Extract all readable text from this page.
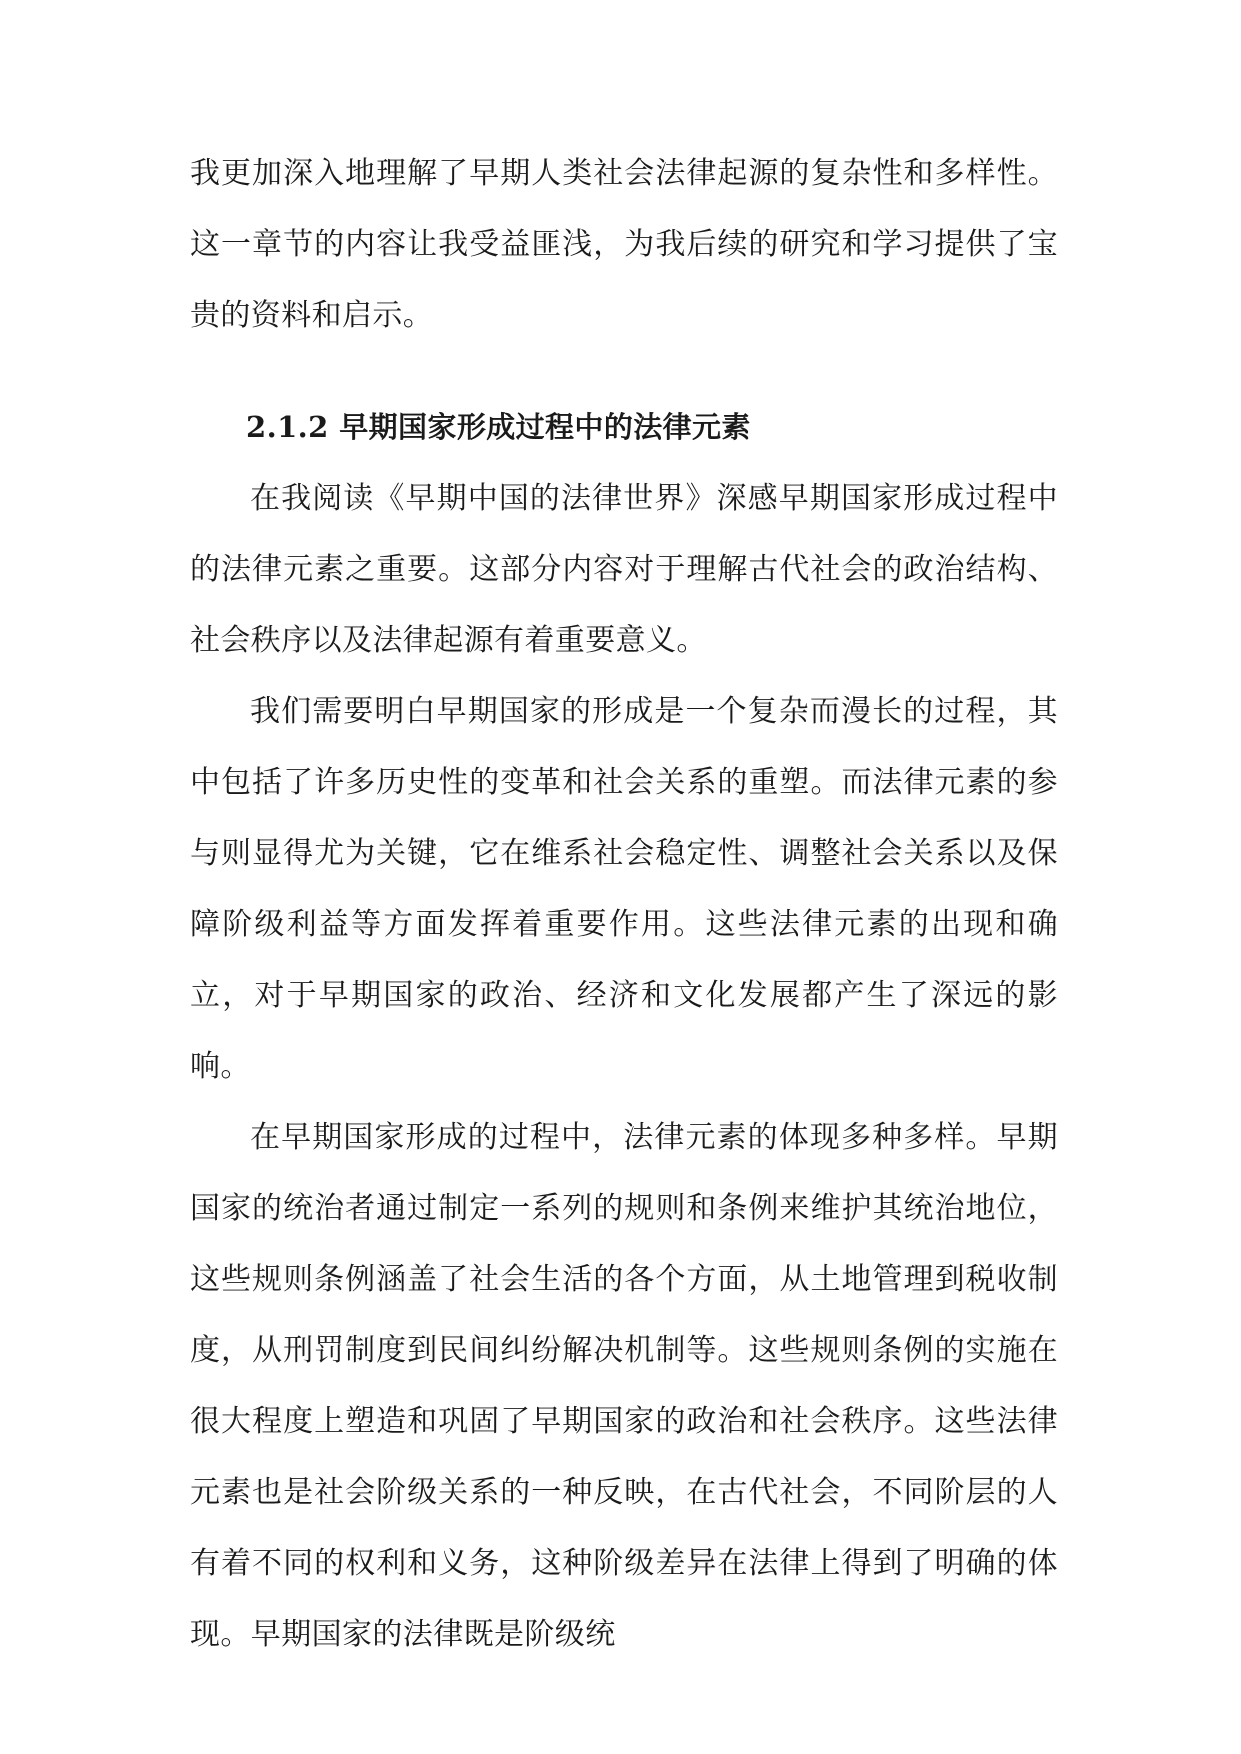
我更加深入地理解了早期人类社会法律起源的复杂性和多样性。这一章节的内容让我受益匪浅，为我后续的研究和学习提供了宝贵的资料和启示。

2.1.2 早期国家形成过程中的法律元素

在我阅读《早期中国的法律世界》深感早期国家形成过程中的法律元素之重要。这部分内容对于理解古代社会的政治结构、社会秩序以及法律起源有着重要意义。

我们需要明白早期国家的形成是一个复杂而漫长的过程，其中包括了许多历史性的变革和社会关系的重塑。而法律元素的参与则显得尤为关键，它在维系社会稳定性、调整社会关系以及保障阶级利益等方面发挥着重要作用。这些法律元素的出现和确立，对于早期国家的政治、经济和文化发展都产生了深远的影响。

在早期国家形成的过程中，法律元素的体现多种多样。早期国家的统治者通过制定一系列的规则和条例来维护其统治地位，这些规则条例涵盖了社会生活的各个方面，从土地管理到税收制度，从刑罚制度到民间纠纷解决机制等。这些规则条例的实施在很大程度上塑造和巩固了早期国家的政治和社会秩序。这些法律元素也是社会阶级关系的一种反映，在古代社会，不同阶层的人有着不同的权利和义务，这种阶级差异在法律上得到了明确的体现。早期国家的法律既是阶级统
